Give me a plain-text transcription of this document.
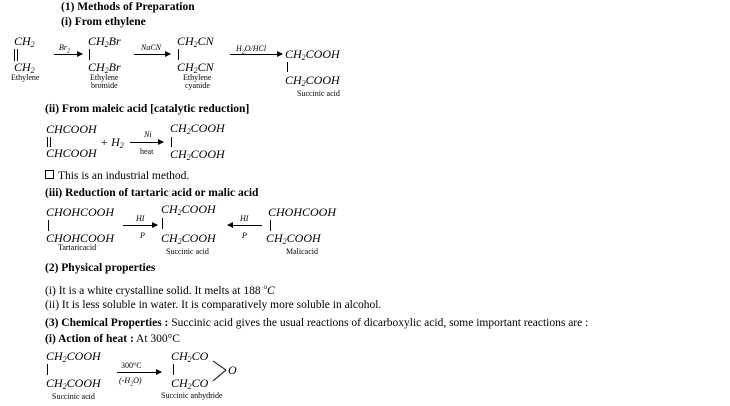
(1) Methods of Preparation
(i) From ethylene
$CH_2$
$CH_2$
Ethylene
$Br_2$
$CH_2Br$
$CH_2Br$
Ethylene
bromide
NaCN $CH_2CN$
$CH_2CN$
Ethylene
cyanide
$H_2O$/HCl → $CH_2COOH$
$CH_2COOH$
Succinic acid
(ii) From maleic acid [catalytic reduction]
CHCOOH
CHCOOH
+ $H_2$
Ni
heat
$CH_2COOH$
$CH_2COOH$
This is an industrial method.
(iii) Reduction of tartaric acid or malic acid
CHOHCOOH
CHOHCOOH
Tartaricacid
HI
P
$CH_2COOH$
$CH_2COOH$
Succinic acid
HI
P
CHOHCOOH
$CH_2COOH$
Malicacid
(2) Physical properties
(i) It is a white crystalline solid. It melts at 188 $^o$C
(ii) It is less soluble in water. It is comparatively more soluble in alcohol.
(3) Chemical Properties : Succinic acid gives the usual reactions of dicarboxylic acid, some important reactions are :
(i) Action of heat : At 300°C
$CH_2COOH$
$CH_2COOH$
Succinic acid
300°C
$(-H_2O)$
$CH_2CO$
$CH_2CO$
O
Succinic anhydride
